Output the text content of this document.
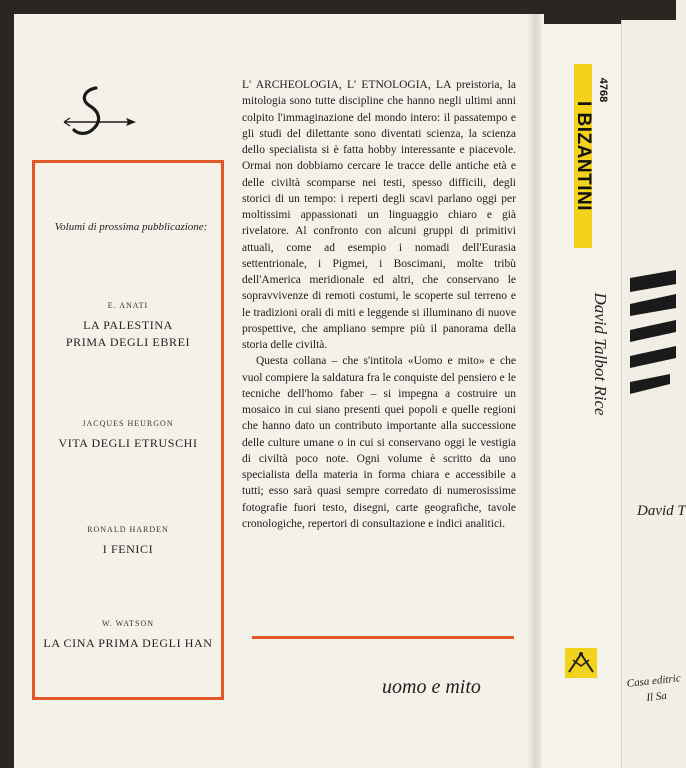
Volumi di prossima pubblicazione:
E. ANATI
LA PALESTINA
PRIMA DEGLI EBREI
JACQUES HEURGON
VITA DEGLI ETRUSCHI
RONALD HARDEN
I FENICI
W. WATSON
LA CINA PRIMA DEGLI HAN

L' ARCHEOLOGIA, L' ETNOLOGIA, LA preistoria, la mitologia sono tutte discipline che hanno negli ultimi anni colpito l'immaginazione del mondo intero: il passatempo e gli studi del dilettante sono diventati scienza, la scienza dello specialista si è fatta hobby interessante e piacevole. Ormai non dobbiamo cercare le tracce delle antiche età e delle civiltà scomparse nei testi, spesso difficili, degli storici di un tempo: i reperti degli scavi parlano oggi per moltissimi appassionati un linguaggio chiaro e già rivelatore. Al confronto con alcuni gruppi di primitivi attuali, come ad esempio i nomadi dell'Eurasia settentrionale, i Pigmei, i Boscimani, molte tribù dell'America meridionale ed altri, che conservano le sopravvivenze di remoti costumi, le scoperte sul terreno e le tradizioni orali di miti e leggende si illuminano di nuove prospettive, che ampliano sempre più il panorama della storia delle civiltà.

Questa collana – che s'intitola «Uomo e mito» e che vuol compiere la saldatura fra le conquiste del pensiero e le tecniche dell'homo faber – si impegna a costruire un mosaico in cui siano presenti quei popoli e quelle regioni che hanno dato un contributo importante alla successione delle culture umane o in cui si conservano oggi le vestigia di civiltà poco note. Ogni volume è scritto da uno specialista della materia in forma chiara e accessibile a tutti; esso sarà quasi sempre corredato di numerosissime fotografie fuori testo, disegni, carte geografiche, tavole cronologiche, repertori di consultazione e indici analitici.

uomo e mito
I BIZANTINI
4768
David Talbot Rice
David T
Casa editric
Il Sa
